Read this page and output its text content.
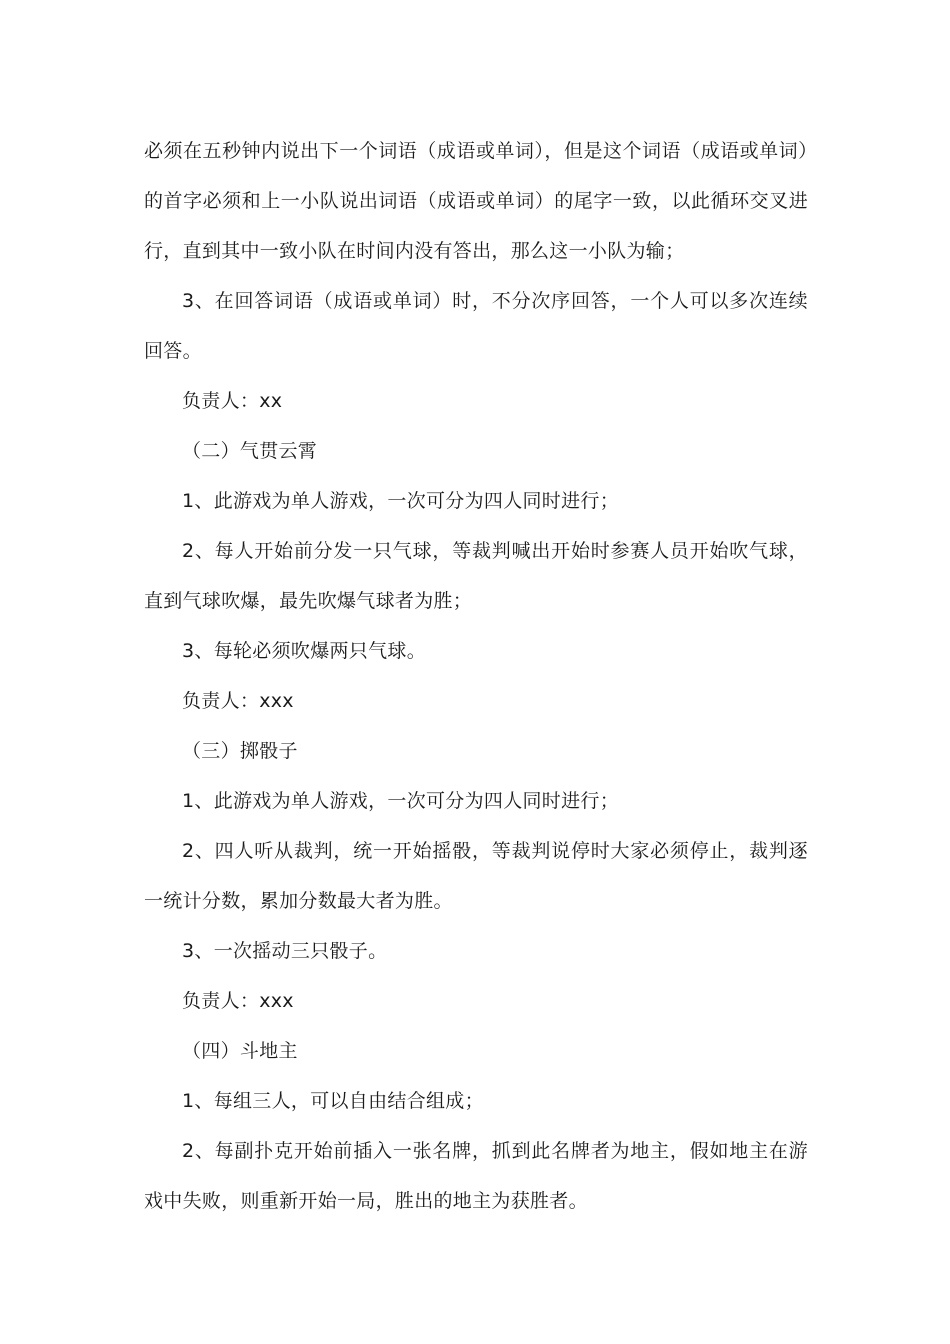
必须在五秒钟内说出下一个词语（成语或单词），但是这个词语（成语或单词）的首字必须和上一小队说出词语（成语或单词）的尾字一致，以此循环交叉进行，直到其中一致小队在时间内没有答出，那么这一小队为输；

3、在回答词语（成语或单词）时，不分次序回答，一个人可以多次连续回答。

负责人：xx

（二）气贯云霄

1、此游戏为单人游戏，一次可分为四人同时进行；

2、每人开始前分发一只气球，等裁判喊出开始时参赛人员开始吹气球，直到气球吹爆，最先吹爆气球者为胜；

3、每轮必须吹爆两只气球。

负责人：xxx

（三）掷骰子

1、此游戏为单人游戏，一次可分为四人同时进行；

2、四人听从裁判，统一开始摇骰，等裁判说停时大家必须停止，裁判逐一统计分数，累加分数最大者为胜。

3、一次摇动三只骰子。

负责人：xxx

（四）斗地主

1、每组三人，可以自由结合组成；

2、每副扑克开始前插入一张名牌，抓到此名牌者为地主，假如地主在游戏中失败，则重新开始一局，胜出的地主为获胜者。
